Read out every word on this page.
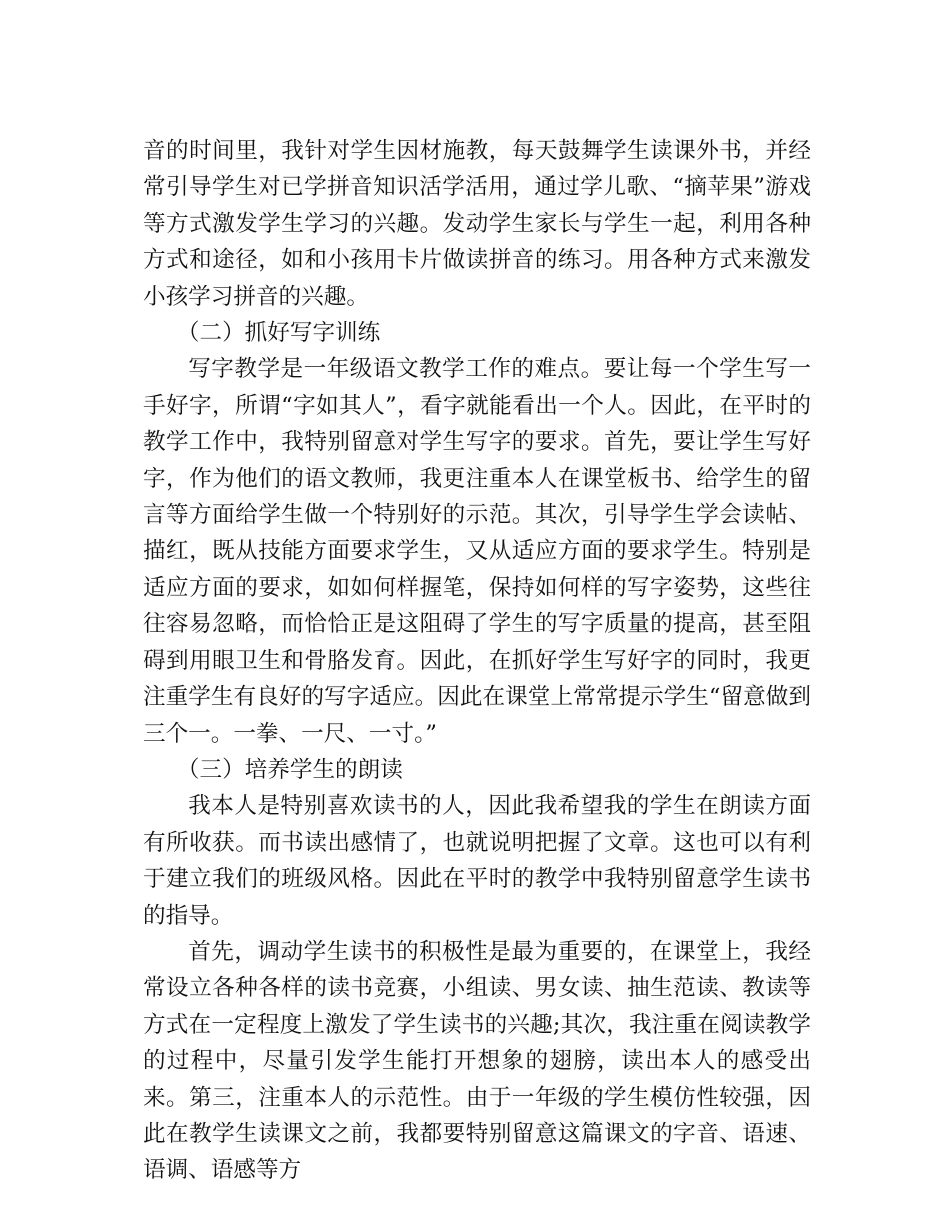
音的时间里，我针对学生因材施教，每天鼓舞学生读课外书，并经常引导学生对已学拼音知识活学活用，通过学儿歌、“摘苹果”游戏等方式激发学生学习的兴趣。发动学生家长与学生一起，利用各种方式和途径，如和小孩用卡片做读拼音的练习。用各种方式来激发小孩学习拼音的兴趣。

（二）抓好写字训练

写字教学是一年级语文教学工作的难点。要让每一个学生写一手好字，所谓“字如其人”，看字就能看出一个人。因此，在平时的教学工作中，我特别留意对学生写字的要求。首先，要让学生写好字，作为他们的语文教师，我更注重本人在课堂板书、给学生的留言等方面给学生做一个特别好的示范。其次，引导学生学会读帖、描红，既从技能方面要求学生，又从适应方面的要求学生。特别是适应方面的要求，如如何样握笔，保持如何样的写字姿势，这些往往容易忽略，而恰恰正是这阻碍了学生的写字质量的提高，甚至阻碍到用眼卫生和骨胳发育。因此，在抓好学生写好字的同时，我更注重学生有良好的写字适应。因此在课堂上常常提示学生“留意做到三个一。一拳、一尺、一寸。”

（三）培养学生的朗读

我本人是特别喜欢读书的人，因此我希望我的学生在朗读方面有所收获。而书读出感情了，也就说明把握了文章。这也可以有利于建立我们的班级风格。因此在平时的教学中我特别留意学生读书的指导。

首先，调动学生读书的积极性是最为重要的，在课堂上，我经常设立各种各样的读书竞赛，小组读、男女读、抽生范读、教读等方式在一定程度上激发了学生读书的兴趣;其次，我注重在阅读教学的过程中，尽量引发学生能打开想象的翅膀，读出本人的感受出来。第三，注重本人的示范性。由于一年级的学生模仿性较强，因此在教学生读课文之前，我都要特别留意这篇课文的字音、语速、语调、语感等方
